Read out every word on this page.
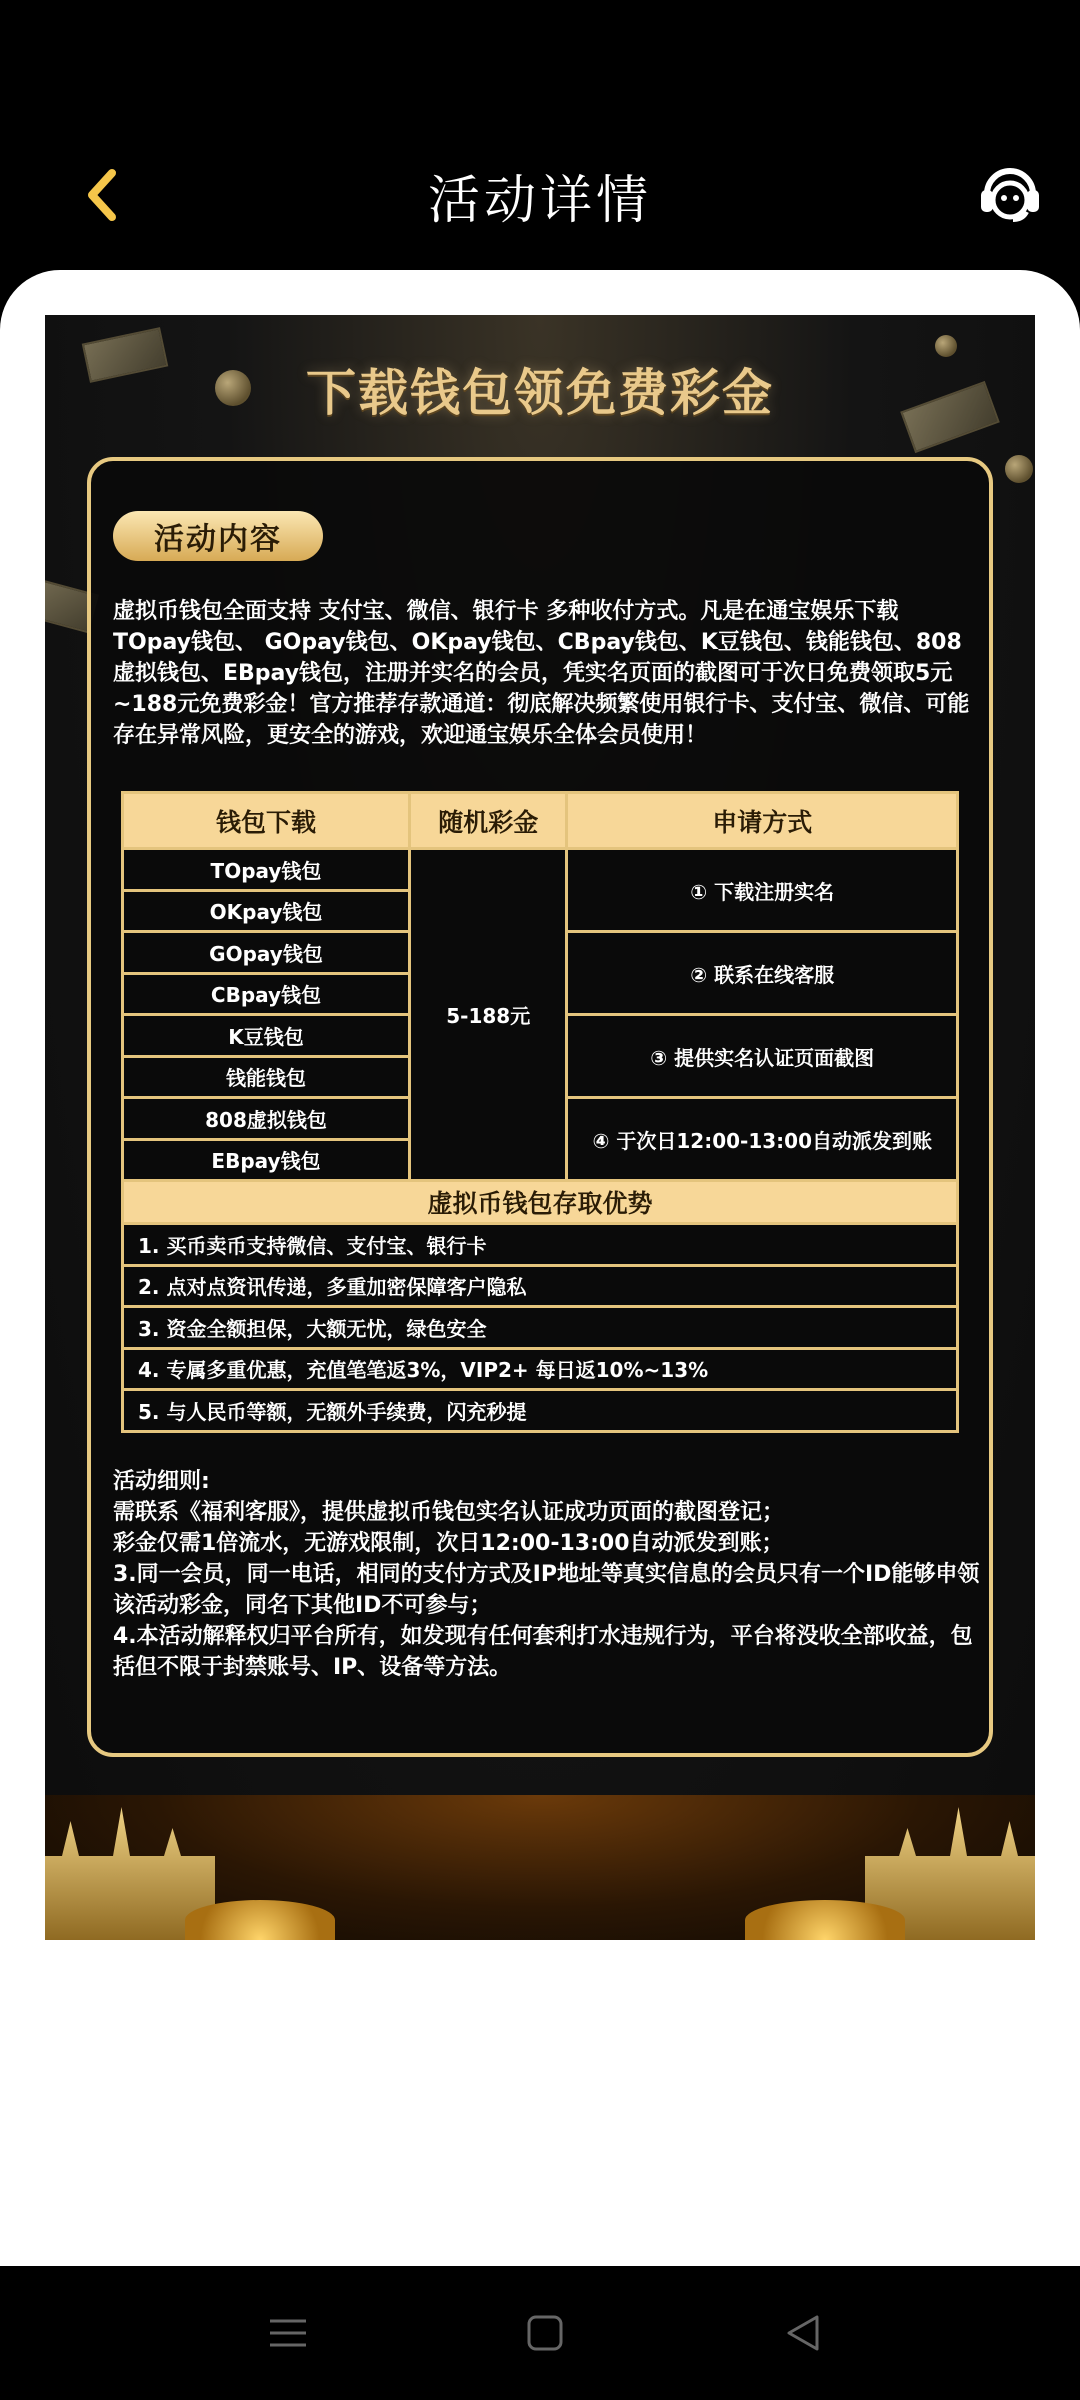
活动详情
下载钱包领免费彩金
活动内容
虚拟币钱包全面支持 支付宝、微信、银行卡 多种收付方式。凡是在通宝娱乐下载TOpay钱包、 GOpay钱包、OKpay钱包、CBpay钱包、K豆钱包、钱能钱包、808虚拟钱包、EBpay钱包，注册并实名的会员，凭实名页面的截图可于次日免费领取5元~188元免费彩金！官方推荐存款通道：彻底解决频繁使用银行卡、支付宝、微信、可能存在异常风险，更安全的游戏，欢迎通宝娱乐全体会员使用！
钱包下载	随机彩金	申请方式
TOpay钱包	5-188元	① 下载注册实名
OKpay钱包		
GOpay钱包		② 联系在线客服
CBpay钱包		
K豆钱包		③ 提供实名认证页面截图
钱能钱包		
808虚拟钱包		④ 于次日12:00-13:00自动派发到账
EBpay钱包		
虚拟币钱包存取优势		
1. 买币卖币支持微信、支付宝、银行卡		
2. 点对点资讯传递，多重加密保障客户隐私		
3. 资金全额担保，大额无忧，绿色安全		
4. 专属多重优惠，充值笔笔返3%，VIP2+ 每日返10%~13%		
5. 与人民币等额，无额外手续费，闪充秒提		
活动细则:
需联系《福利客服》，提供虚拟币钱包实名认证成功页面的截图登记；
彩金仅需1倍流水，无游戏限制，次日12:00-13:00自动派发到账；
3.同一会员，同一电话，相同的支付方式及IP地址等真实信息的会员只有一个ID能够申领该活动彩金，同名下其他ID不可参与；
4.本活动解释权归平台所有，如发现有任何套利打水违规行为，平台将没收全部收益，包括但不限于封禁账号、IP、设备等方法。
